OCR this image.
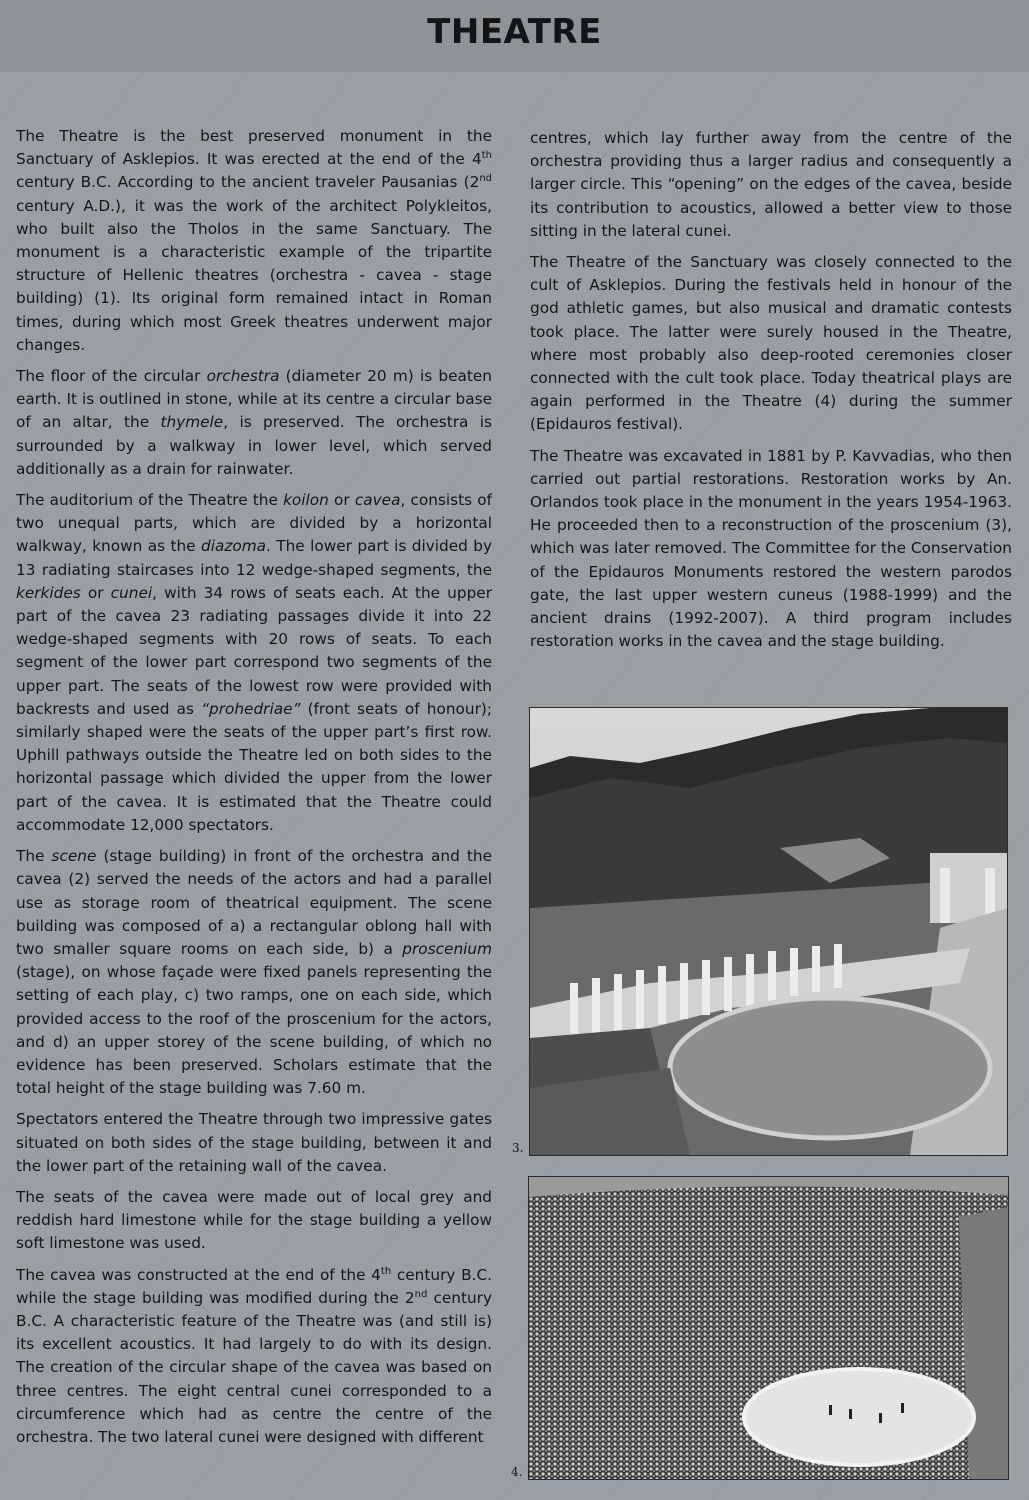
THEATRE

The Theatre is the best preserved monument in the Sanctuary of Asklepios. It was erected at the end of the 4th century B.C. According to the ancient traveler Pausanias (2nd century A.D.), it was the work of the architect Polykleitos, who built also the Tholos in the same Sanctuary. The monument is a characteristic example of the tripartite structure of Hellenic theatres (orchestra - cavea - stage building) (1). Its original form remained intact in Roman times, during which most Greek theatres underwent major changes.

The floor of the circular orchestra (diameter 20 m) is beaten earth. It is outlined in stone, while at its centre a circular base of an altar, the thymele, is preserved. The orchestra is surrounded by a walkway in lower level, which served additionally as a drain for rainwater.

The auditorium of the Theatre the koilon or cavea, consists of two unequal parts, which are divided by a horizontal walkway, known as the diazoma. The lower part is divided by 13 radiating staircases into 12 wedge-shaped segments, the kerkides or cunei, with 34 rows of seats each. At the upper part of the cavea 23 radiating passages divide it into 22 wedge-shaped segments with 20 rows of seats. To each segment of the lower part correspond two segments of the upper part. The seats of the lowest row were provided with backrests and used as “prohedriae” (front seats of honour); similarly shaped were the seats of the upper part’s first row. Uphill pathways outside the Theatre led on both sides to the horizontal passage which divided the upper from the lower part of the cavea. It is estimated that the Theatre could accommodate 12,000 spectators.

The scene (stage building) in front of the orchestra and the cavea (2) served the needs of the actors and had a parallel use as storage room of theatrical equipment. The scene building was composed of a) a rectangular oblong hall with two smaller square rooms on each side, b) a proscenium (stage), on whose façade were fixed panels representing the setting of each play, c) two ramps, one on each side, which provided access to the roof of the proscenium for the actors, and d) an upper storey of the scene building, of which no evidence has been preserved. Scholars estimate that the total height of the stage building was 7.60 m.

Spectators entered the Theatre through two impressive gates situated on both sides of the stage building, between it and the lower part of the retaining wall of the cavea.

The seats of the cavea were made out of local grey and reddish hard limestone while for the stage building a yellow soft limestone was used.

The cavea was constructed at the end of the 4th century B.C. while the stage building was modified during the 2nd century B.C. A characteristic feature of the Theatre was (and still is) its excellent acoustics. It had largely to do with its design. The creation of the circular shape of the cavea was based on three centres. The eight central cunei corresponded to a circumference which had as centre the centre of the orchestra. The two lateral cunei were designed with different

centres, which lay further away from the centre of the orchestra providing thus a larger radius and consequently a larger circle. This “opening” on the edges of the cavea, beside its contribution to acoustics, allowed a better view to those sitting in the lateral cunei.

The Theatre of the Sanctuary was closely connected to the cult of Asklepios. During the festivals held in honour of the god athletic games, but also musical and dramatic contests took place. The latter were surely housed in the Theatre, where most probably also deep-rooted ceremonies closer connected with the cult took place. Today theatrical plays are again performed in the Theatre (4) during the summer (Epidauros festival).

The Theatre was excavated in 1881 by P. Kavvadias, who then carried out partial restorations. Restoration works by An. Orlandos took place in the monument in the years 1954-1963. He proceeded then to a reconstruction of the proscenium (3), which was later removed. The Committee for the Conservation of the Epidauros Monuments restored the western parodos gate, the last upper western cuneus (1988-1999) and the ancient drains (1992-2007). A third program includes restoration works in the cavea and the stage building.

3.
4.
